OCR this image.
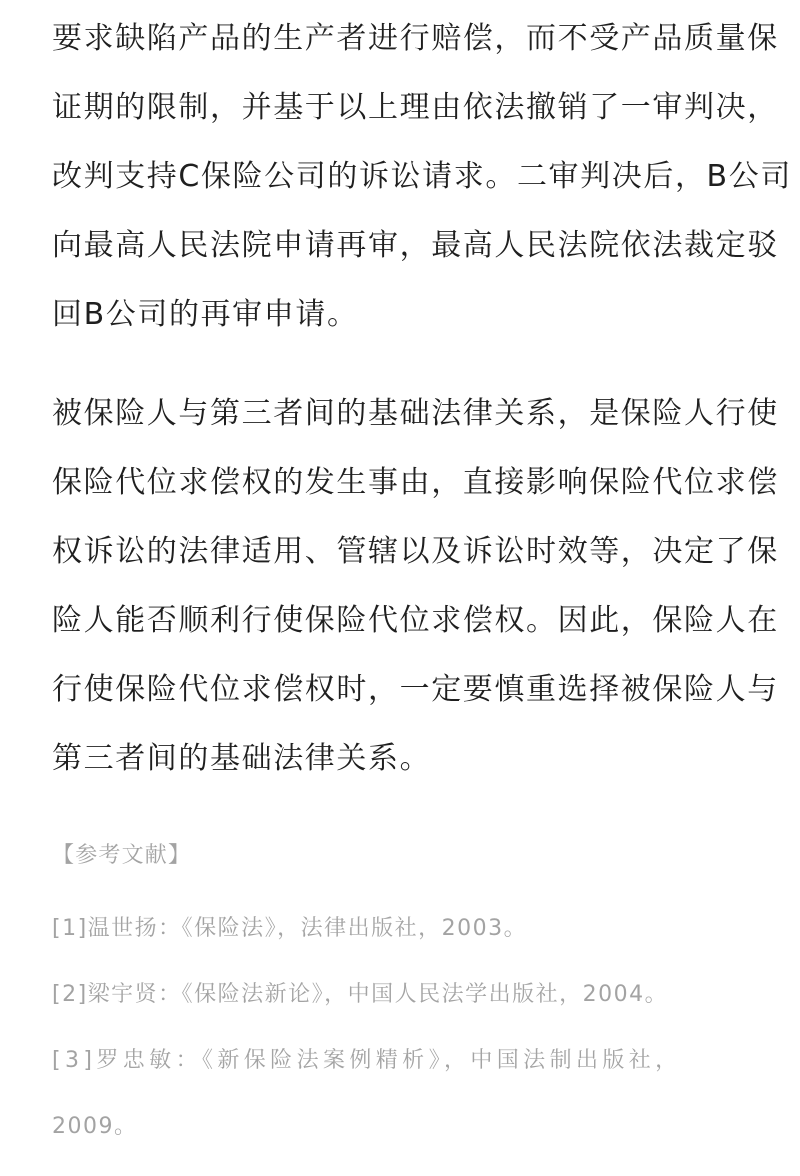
要求缺陷产品的生产者进行赔偿，而不受产品质量保
证期的限制，并基于以上理由依法撤销了一审判决，
改判支持C保险公司的诉讼请求。二审判决后，B公司
向最高人民法院申请再审，最高人民法院依法裁定驳
回B公司的再审申请。
被保险人与第三者间的基础法律关系，是保险人行使
保险代位求偿权的发生事由，直接影响保险代位求偿
权诉讼的法律适用、管辖以及诉讼时效等，决定了保
险人能否顺利行使保险代位求偿权。因此，保险人在
行使保险代位求偿权时，一定要慎重选择被保险人与
第三者间的基础法律关系。
【参考文献】
[1]温世扬：《保险法》，法律出版社，2003。
[2]梁宇贤：《保险法新论》，中国人民法学出版社，2004。
[3]罗忠敏：《新保险法案例精析》，中国法制出版社，
2009。
